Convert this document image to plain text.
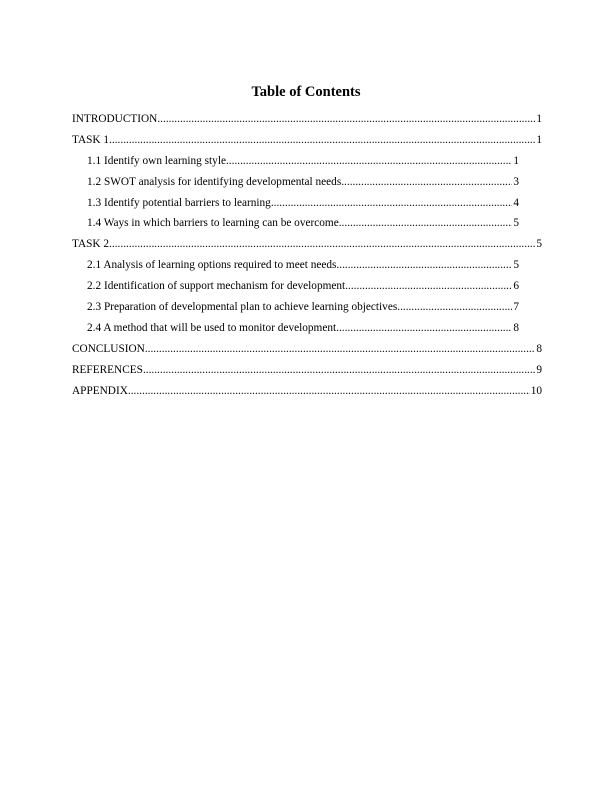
Table of Contents
INTRODUCTION .....	1
TASK 1 .....	1
1.1 Identify own learning style .....	1
1.2 SWOT analysis for identifying developmental needs .....	3
1.3 Identify potential barriers to learning .....	4
1.4 Ways in which barriers to learning can be overcome .....	5
TASK 2 .....	5
2.1 Analysis of learning options required to meet needs .....	5
2.2 Identification of support mechanism for development .....	6
2.3 Preparation of developmental plan to achieve learning objectives .....	7
2.4 A method that will be used to monitor development .....	8
CONCLUSION .....	8
REFERENCES .....	9
APPENDIX .....	10
